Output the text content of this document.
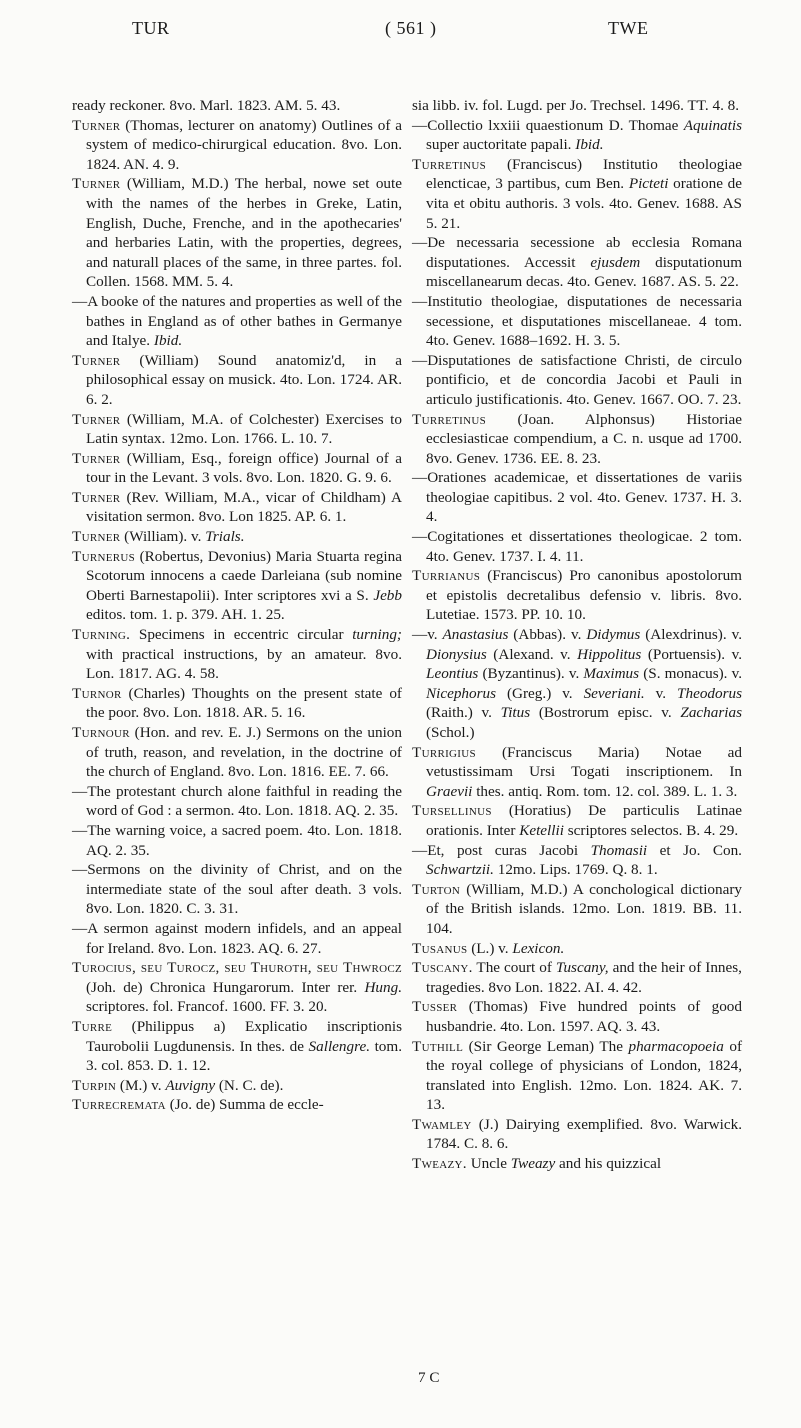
TUR	( 561 )	TWE

ready reckoner. 8vo. Marl. 1823. AM. 5. 43.

Turner (Thomas, lecturer on anatomy) Outlines of a system of medico-chirurgical education. 8vo. Lon. 1824. AN. 4. 9.

Turner (William, M.D.) The herbal, nowe set oute with the names of the herbes in Greke, Latin, English, Duche, Frenche, and in the apothecaries' and herbaries Latin, with the properties, degrees, and naturall places of the same, in three partes. fol. Collen. 1568. MM. 5. 4.

—A booke of the natures and properties as well of the bathes in England as of other bathes in Germanye and Italye. Ibid.

Turner (William) Sound anatomiz'd, in a philosophical essay on musick. 4to. Lon. 1724. AR. 6. 2.

Turner (William, M.A. of Colchester) Exercises to Latin syntax. 12mo. Lon. 1766. L. 10. 7.

Turner (William, Esq., foreign office) Journal of a tour in the Levant. 3 vols. 8vo. Lon. 1820. G. 9. 6.

Turner (Rev. William, M.A., vicar of Childham) A visitation sermon. 8vo. Lon 1825. AP. 6. 1.

Turner (William). v. Trials.

Turnerus (Robertus, Devonius) Maria Stuarta regina Scotorum innocens a caede Darleiana (sub nomine Oberti Barnestapolii). Inter scriptores xvi a S. Jebb editos. tom. 1. p. 379. AH. 1. 25.

Turning. Specimens in eccentric circular turning; with practical instructions, by an amateur. 8vo. Lon. 1817. AG. 4. 58.

Turnor (Charles) Thoughts on the present state of the poor. 8vo. Lon. 1818. AR. 5. 16.

Turnour (Hon. and rev. E. J.) Sermons on the union of truth, reason, and revelation, in the doctrine of the church of England. 8vo. Lon. 1816. EE. 7. 66.

—The protestant church alone faithful in reading the word of God : a sermon. 4to. Lon. 1818. AQ. 2. 35.

—The warning voice, a sacred poem. 4to. Lon. 1818. AQ. 2. 35.

—Sermons on the divinity of Christ, and on the intermediate state of the soul after death. 3 vols. 8vo. Lon. 1820. C. 3. 31.

—A sermon against modern infidels, and an appeal for Ireland. 8vo. Lon. 1823. AQ. 6. 27.

Turocius, seu Turocz, seu Thuroth, seu Thwrocz (Joh. de) Chronica Hungarorum. Inter rer. Hung. scriptores. fol. Francof. 1600. FF. 3. 20.

Turre (Philippus a) Explicatio inscriptionis Taurobolii Lugdunensis. In thes. de Sallengre. tom. 3. col. 853. D. 1. 12.

Turpin (M.) v. Auvigny (N. C. de).

Turrecremata (Jo. de) Summa de eccle-

sia libb. iv. fol. Lugd. per Jo. Trechsel. 1496. TT. 4. 8.

—Collectio lxxiii quaestionum D. Thomae Aquinatis super auctoritate papali. Ibid.

Turretinus (Franciscus) Institutio theologiae elencticae, 3 partibus, cum Ben. Picteti oratione de vita et obitu authoris. 3 vols. 4to. Genev. 1688. AS 5. 21.

—De necessaria secessione ab ecclesia Romana disputationes. Accessit ejusdem disputationum miscellanearum decas. 4to. Genev. 1687. AS. 5. 22.

—Institutio theologiae, disputationes de necessaria secessione, et disputationes miscellaneae. 4 tom. 4to. Genev. 1688–1692. H. 3. 5.

—Disputationes de satisfactione Christi, de circulo pontificio, et de concordia Jacobi et Pauli in articulo justificationis. 4to. Genev. 1667. OO. 7. 23.

Turretinus (Joan. Alphonsus) Historiae ecclesiasticae compendium, a C. n. usque ad 1700. 8vo. Genev. 1736. EE. 8. 23.

—Orationes academicae, et dissertationes de variis theologiae capitibus. 2 vol. 4to. Genev. 1737. H. 3. 4.

—Cogitationes et dissertationes theologicae. 2 tom. 4to. Genev. 1737. I. 4. 11.

Turrianus (Franciscus) Pro canonibus apostolorum et epistolis decretalibus defensio v. libris. 8vo. Lutetiae. 1573. PP. 10. 10.

—v. Anastasius (Abbas). v. Didymus (Alexdrinus). v. Dionysius (Alexand. v. Hippolitus (Portuensis). v. Leontius (Byzantinus). v. Maximus (S. monacus). v. Nicephorus (Greg.) v. Severiani. v. Theodorus (Raith.) v. Titus (Bostrorum episc. v. Zacharias (Schol.)

Turrigius (Franciscus Maria) Notae ad vetustissimam Ursi Togati inscriptionem. In Graevii thes. antiq. Rom. tom. 12. col. 389. L. 1. 3.

Tursellinus (Horatius) De particulis Latinae orationis. Inter Ketellii scriptores selectos. B. 4. 29.

—Et, post curas Jacobi Thomasii et Jo. Con. Schwartzii. 12mo. Lips. 1769. Q. 8. 1.

Turton (William, M.D.) A conchological dictionary of the British islands. 12mo. Lon. 1819. BB. 11. 104.

Tusanus (L.) v. Lexicon.

Tuscany. The court of Tuscany, and the heir of Innes, tragedies. 8vo Lon. 1822. AI. 4. 42.

Tusser (Thomas) Five hundred points of good husbandrie. 4to. Lon. 1597. AQ. 3. 43.

Tuthill (Sir George Leman) The pharmacopoeia of the royal college of physicians of London, 1824, translated into English. 12mo. Lon. 1824. AK. 7. 13.

Twamley (J.) Dairying exemplified. 8vo. Warwick. 1784. C. 8. 6.

Tweazy. Uncle Tweazy and his quizzical

7 C
